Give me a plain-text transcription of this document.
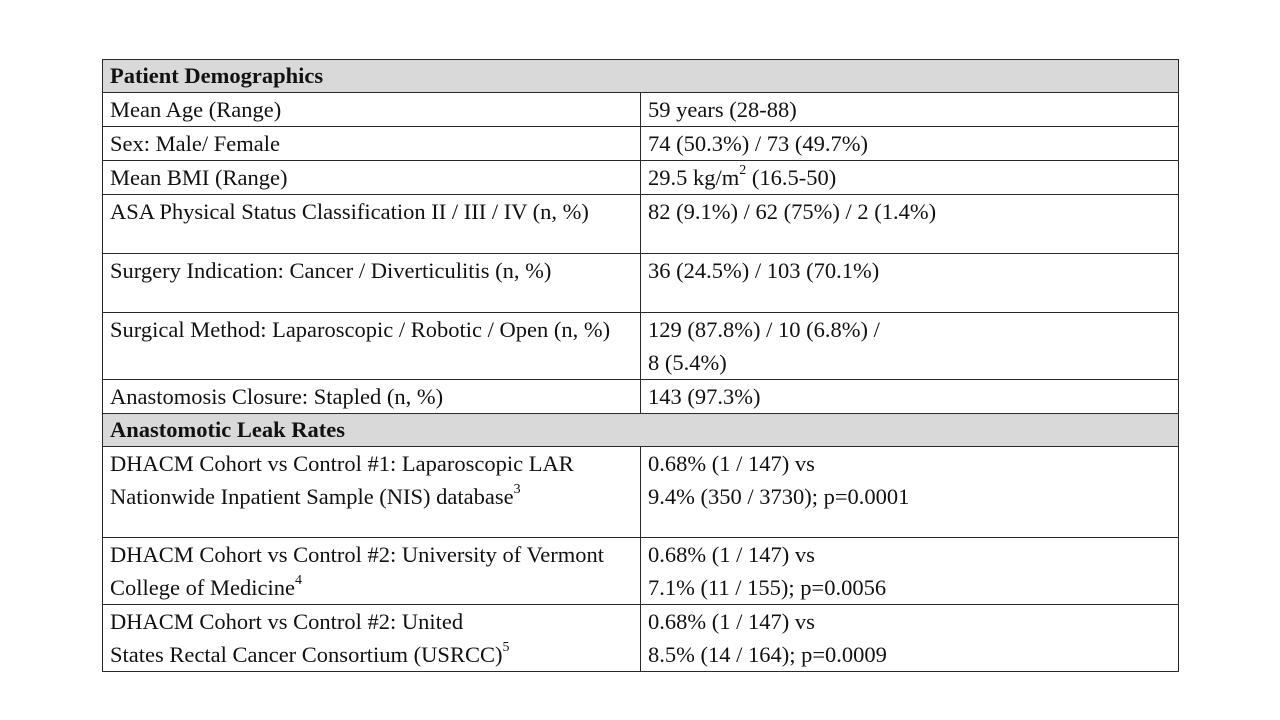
Patient Demographics	
Mean Age (Range)	59 years (28-88)
Sex: Male/ Female	74 (50.3%) / 73 (49.7%)
Mean BMI (Range)	29.5 $kg/m^2$ (16.5-50)
ASA Physical Status Classification II / III / IV (n, %)	82 (9.1%) / 62 (75%) / 2 (1.4%)
Surgery Indication: Cancer / Diverticulitis (n, %)	36 (24.5%) / 103 (70.1%)
Surgical Method: Laparoscopic / Robotic / Open (n, %)	129 (87.8%) / 10 (6.8%) /
8 (5.4%)

Anastomosis Closure: Stapled (n, %)	143 (97.3%)
Anastomotic Leak Rates	

DHACM Cohort vs Control #1: Laparoscopic LAR
Nationwide Inpatient Sample (NIS) database$^3$	0.68% (1 / 147) vs
9.4% (350 / 3730); p=0.0001

DHACM Cohort vs Control #2: University of Vermont
College of Medicine$^4$	0.68% (1 / 147) vs
7.1% (11 / 155); p=0.0056

DHACM Cohort vs Control #2: United
States Rectal Cancer Consortium (USRCC)$^5$	0.68% (1 / 147) vs
8.5% (14 / 164); p=0.0009
